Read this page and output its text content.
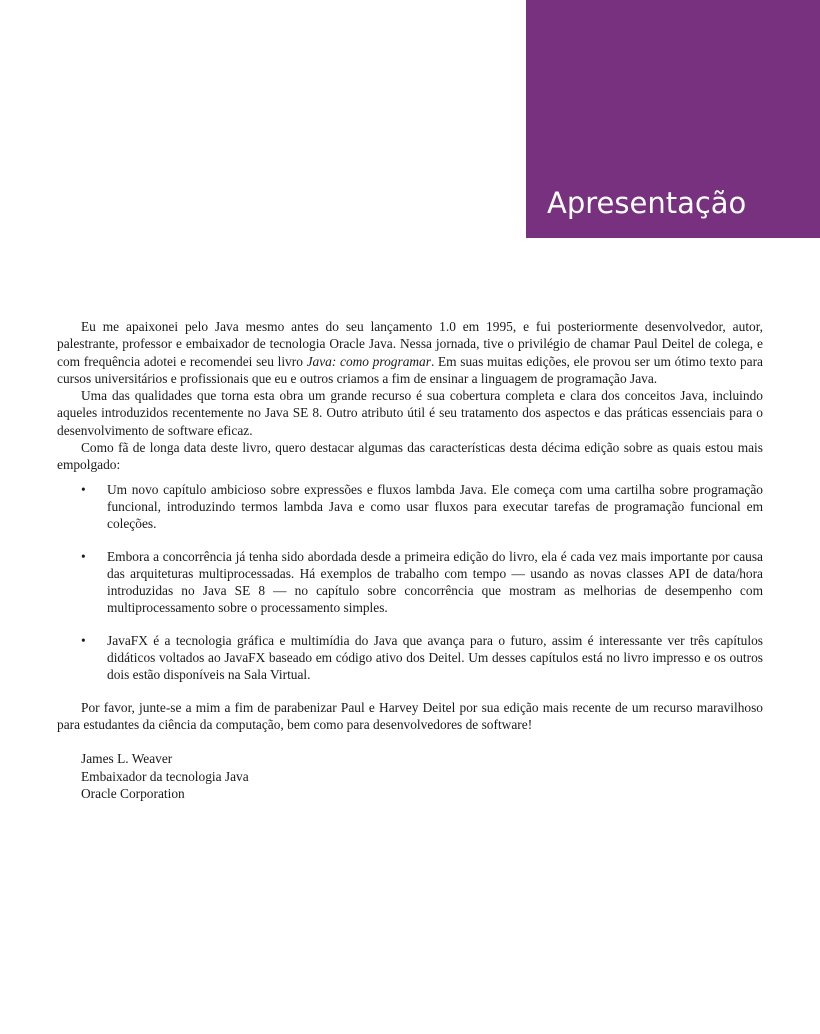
Apresentação

Eu me apaixonei pelo Java mesmo antes do seu lançamento 1.0 em 1995, e fui posteriormente desenvolvedor, autor, palestrante, professor e embaixador de tecnologia Oracle Java. Nessa jornada, tive o privilégio de chamar Paul Deitel de colega, e com frequência adotei e recomendei seu livro Java: como programar. Em suas muitas edições, ele provou ser um ótimo texto para cursos universitários e profissionais que eu e outros criamos a fim de ensinar a linguagem de programação Java.

Uma das qualidades que torna esta obra um grande recurso é sua cobertura completa e clara dos conceitos Java, incluindo aqueles introduzidos recentemente no Java SE 8. Outro atributo útil é seu tratamento dos aspectos e das práticas essenciais para o desenvolvimento de software eficaz.

Como fã de longa data deste livro, quero destacar algumas das características desta décima edição sobre as quais estou mais empolgado:

• Um novo capítulo ambicioso sobre expressões e fluxos lambda Java. Ele começa com uma cartilha sobre programação funcional, introduzindo termos lambda Java e como usar fluxos para executar tarefas de programação funcional em coleções.
• Embora a concorrência já tenha sido abordada desde a primeira edição do livro, ela é cada vez mais importante por causa das arquiteturas multiprocessadas. Há exemplos de trabalho com tempo — usando as novas classes API de data/hora introduzidas no Java SE 8 — no capítulo sobre concorrência que mostram as melhorias de desempenho com multiprocessamento sobre o processamento simples.
• JavaFX é a tecnologia gráfica e multimídia do Java que avança para o futuro, assim é interessante ver três capítulos didáticos voltados ao JavaFX baseado em código ativo dos Deitel. Um desses capítulos está no livro impresso e os outros dois estão disponíveis na Sala Virtual.

Por favor, junte-se a mim a fim de parabenizar Paul e Harvey Deitel por sua edição mais recente de um recurso maravilhoso para estudantes da ciência da computação, bem como para desenvolvedores de software!

James L. Weaver
Embaixador da tecnologia Java
Oracle Corporation
